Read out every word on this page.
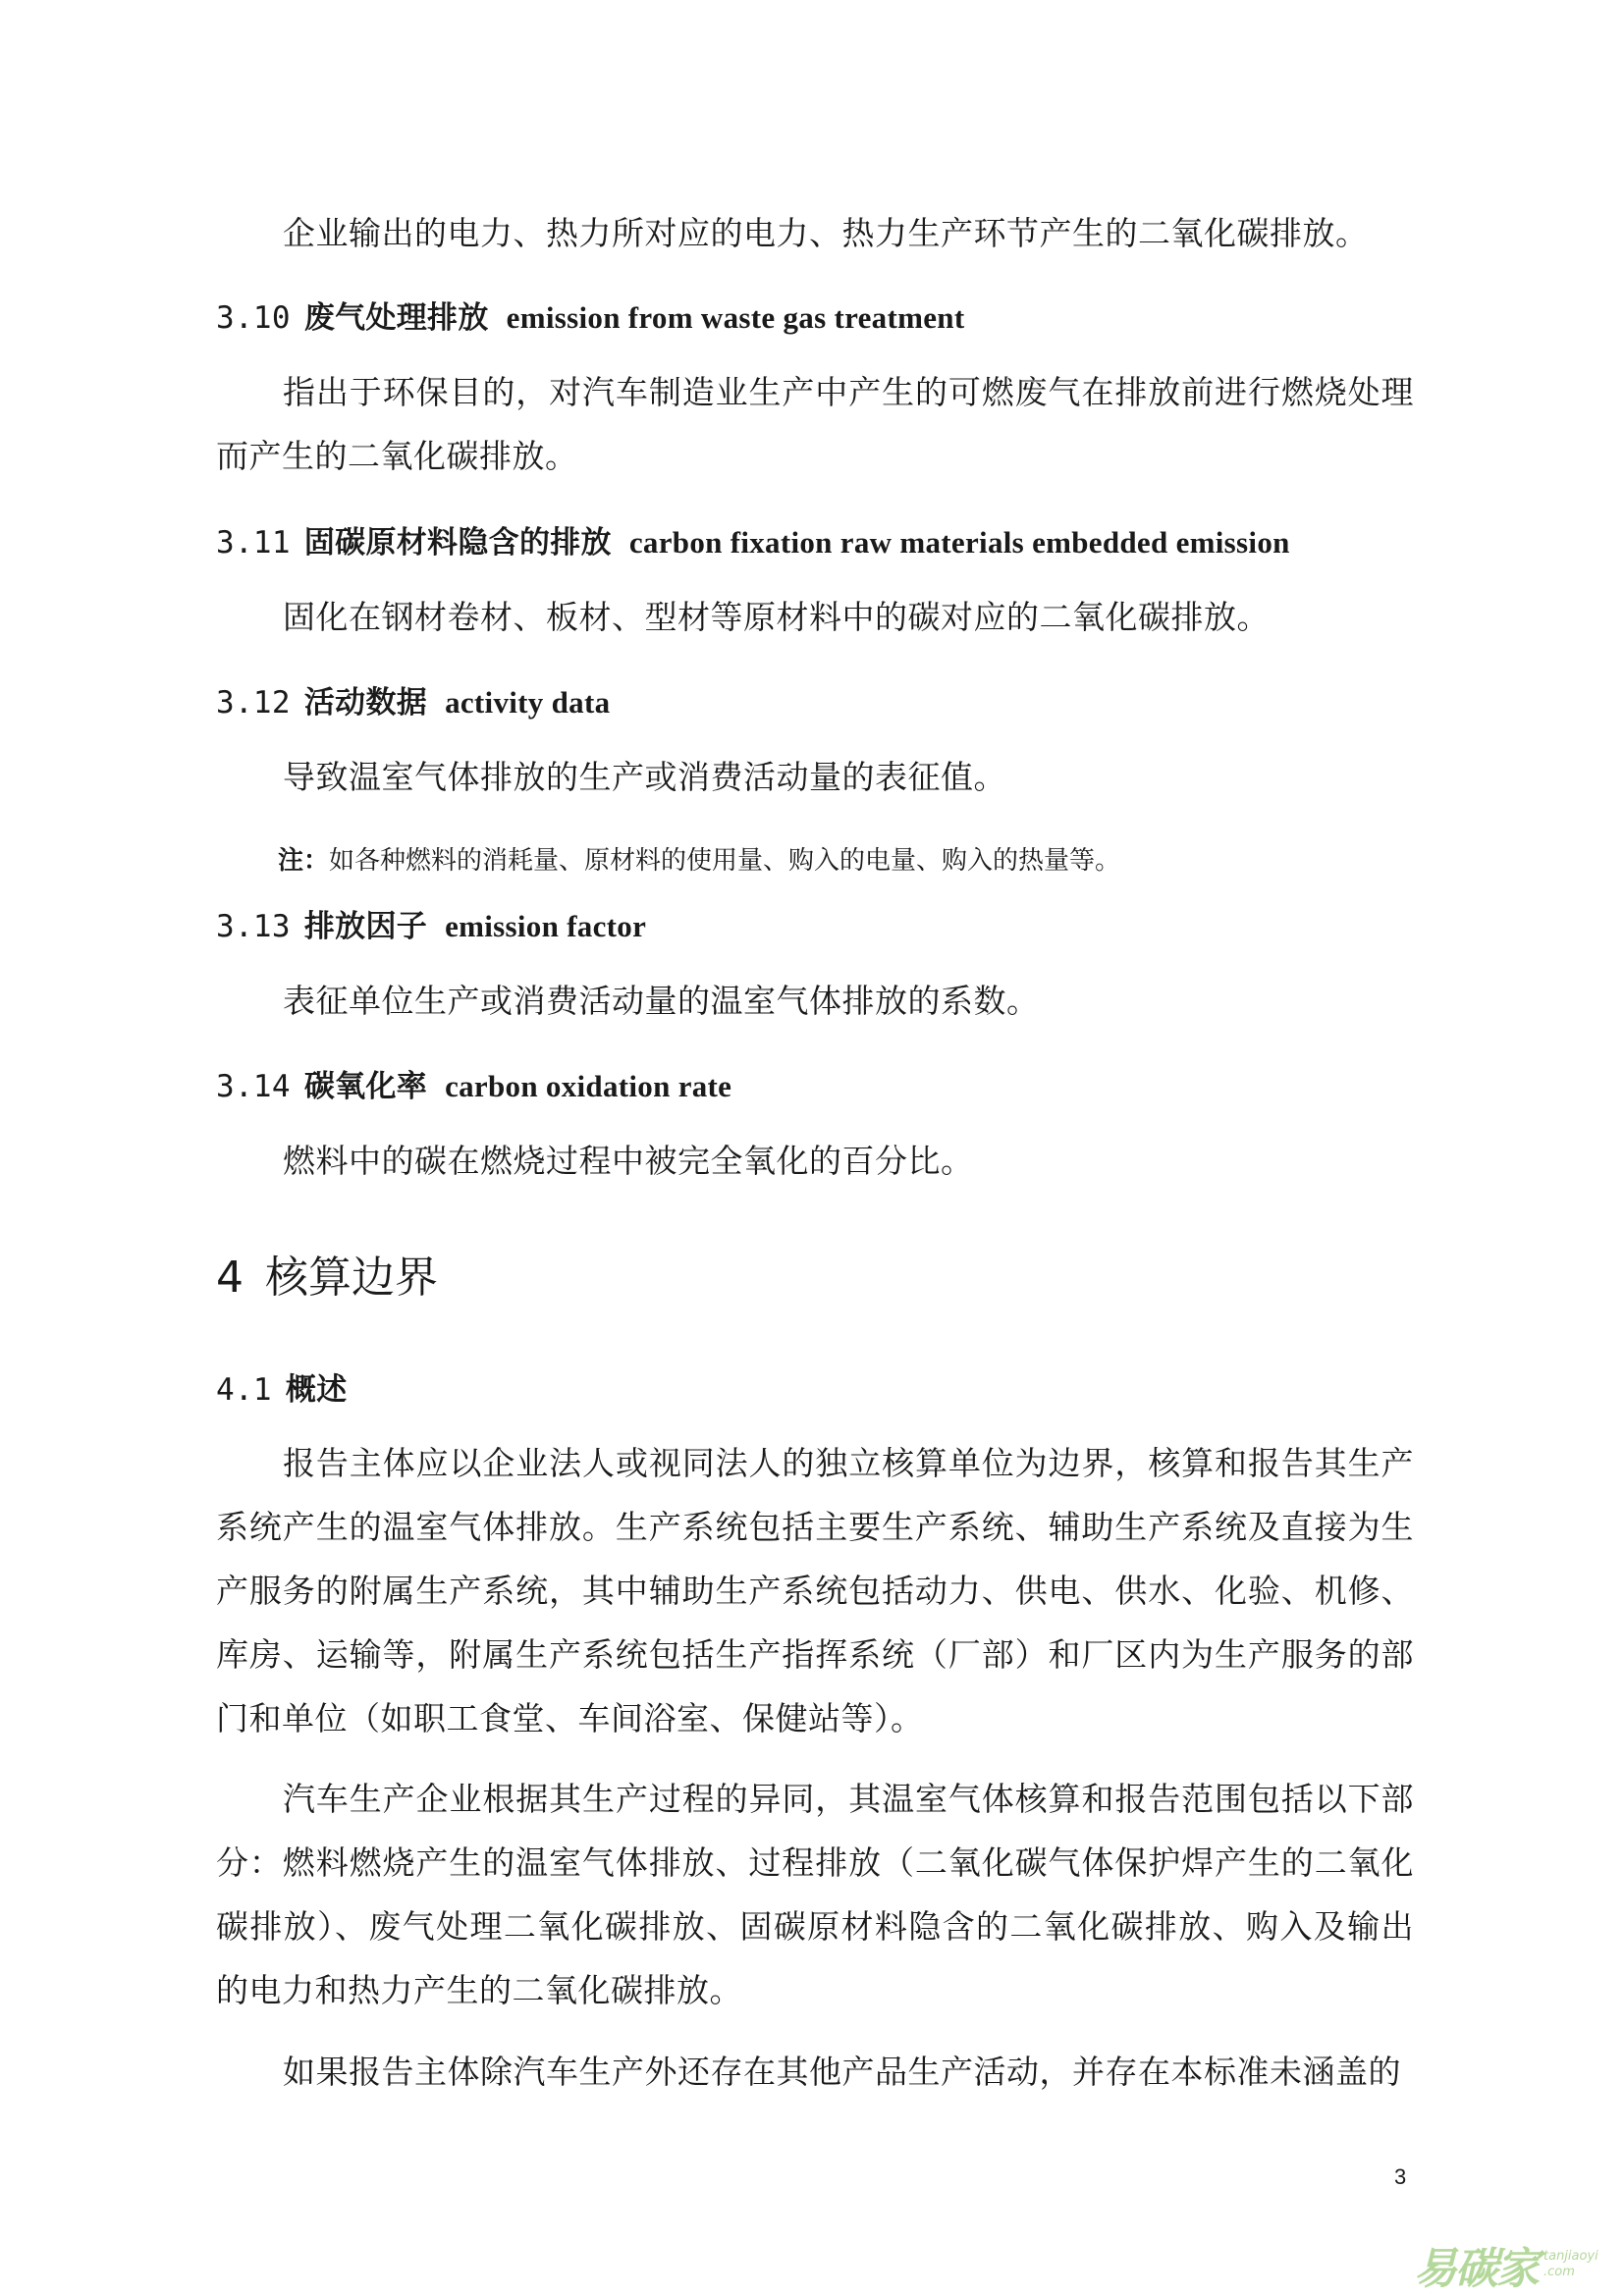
企业输出的电力、热力所对应的电力、热力生产环节产生的二氧化碳排放。

3.10 废气处理排放 emission from waste gas treatment

指出于环保目的，对汽车制造业生产中产生的可燃废气在排放前进行燃烧处理而产生的二氧化碳排放。

3.11 固碳原材料隐含的排放 carbon fixation raw materials embedded emission

固化在钢材卷材、板材、型材等原材料中的碳对应的二氧化碳排放。

3.12 活动数据 activity data

导致温室气体排放的生产或消费活动量的表征值。

注：如各种燃料的消耗量、原材料的使用量、购入的电量、购入的热量等。

3.13 排放因子 emission factor

表征单位生产或消费活动量的温室气体排放的系数。

3.14 碳氧化率 carbon oxidation rate

燃料中的碳在燃烧过程中被完全氧化的百分比。

4 核算边界
4.1 概述

报告主体应以企业法人或视同法人的独立核算单位为边界，核算和报告其生产系统产生的温室气体排放。生产系统包括主要生产系统、辅助生产系统及直接为生产服务的附属生产系统，其中辅助生产系统包括动力、供电、供水、化验、机修、库房、运输等，附属生产系统包括生产指挥系统（厂部）和厂区内为生产服务的部门和单位（如职工食堂、车间浴室、保健站等）。

汽车生产企业根据其生产过程的异同，其温室气体核算和报告范围包括以下部分：燃料燃烧产生的温室气体排放、过程排放（二氧化碳气体保护焊产生的二氧化碳排放）、废气处理二氧化碳排放、固碳原材料隐含的二氧化碳排放、购入及输出的电力和热力产生的二氧化碳排放。

如果报告主体除汽车生产外还存在其他产品生产活动，并存在本标准未涵盖的

3
易碳家 tanjiaoyi
.com
